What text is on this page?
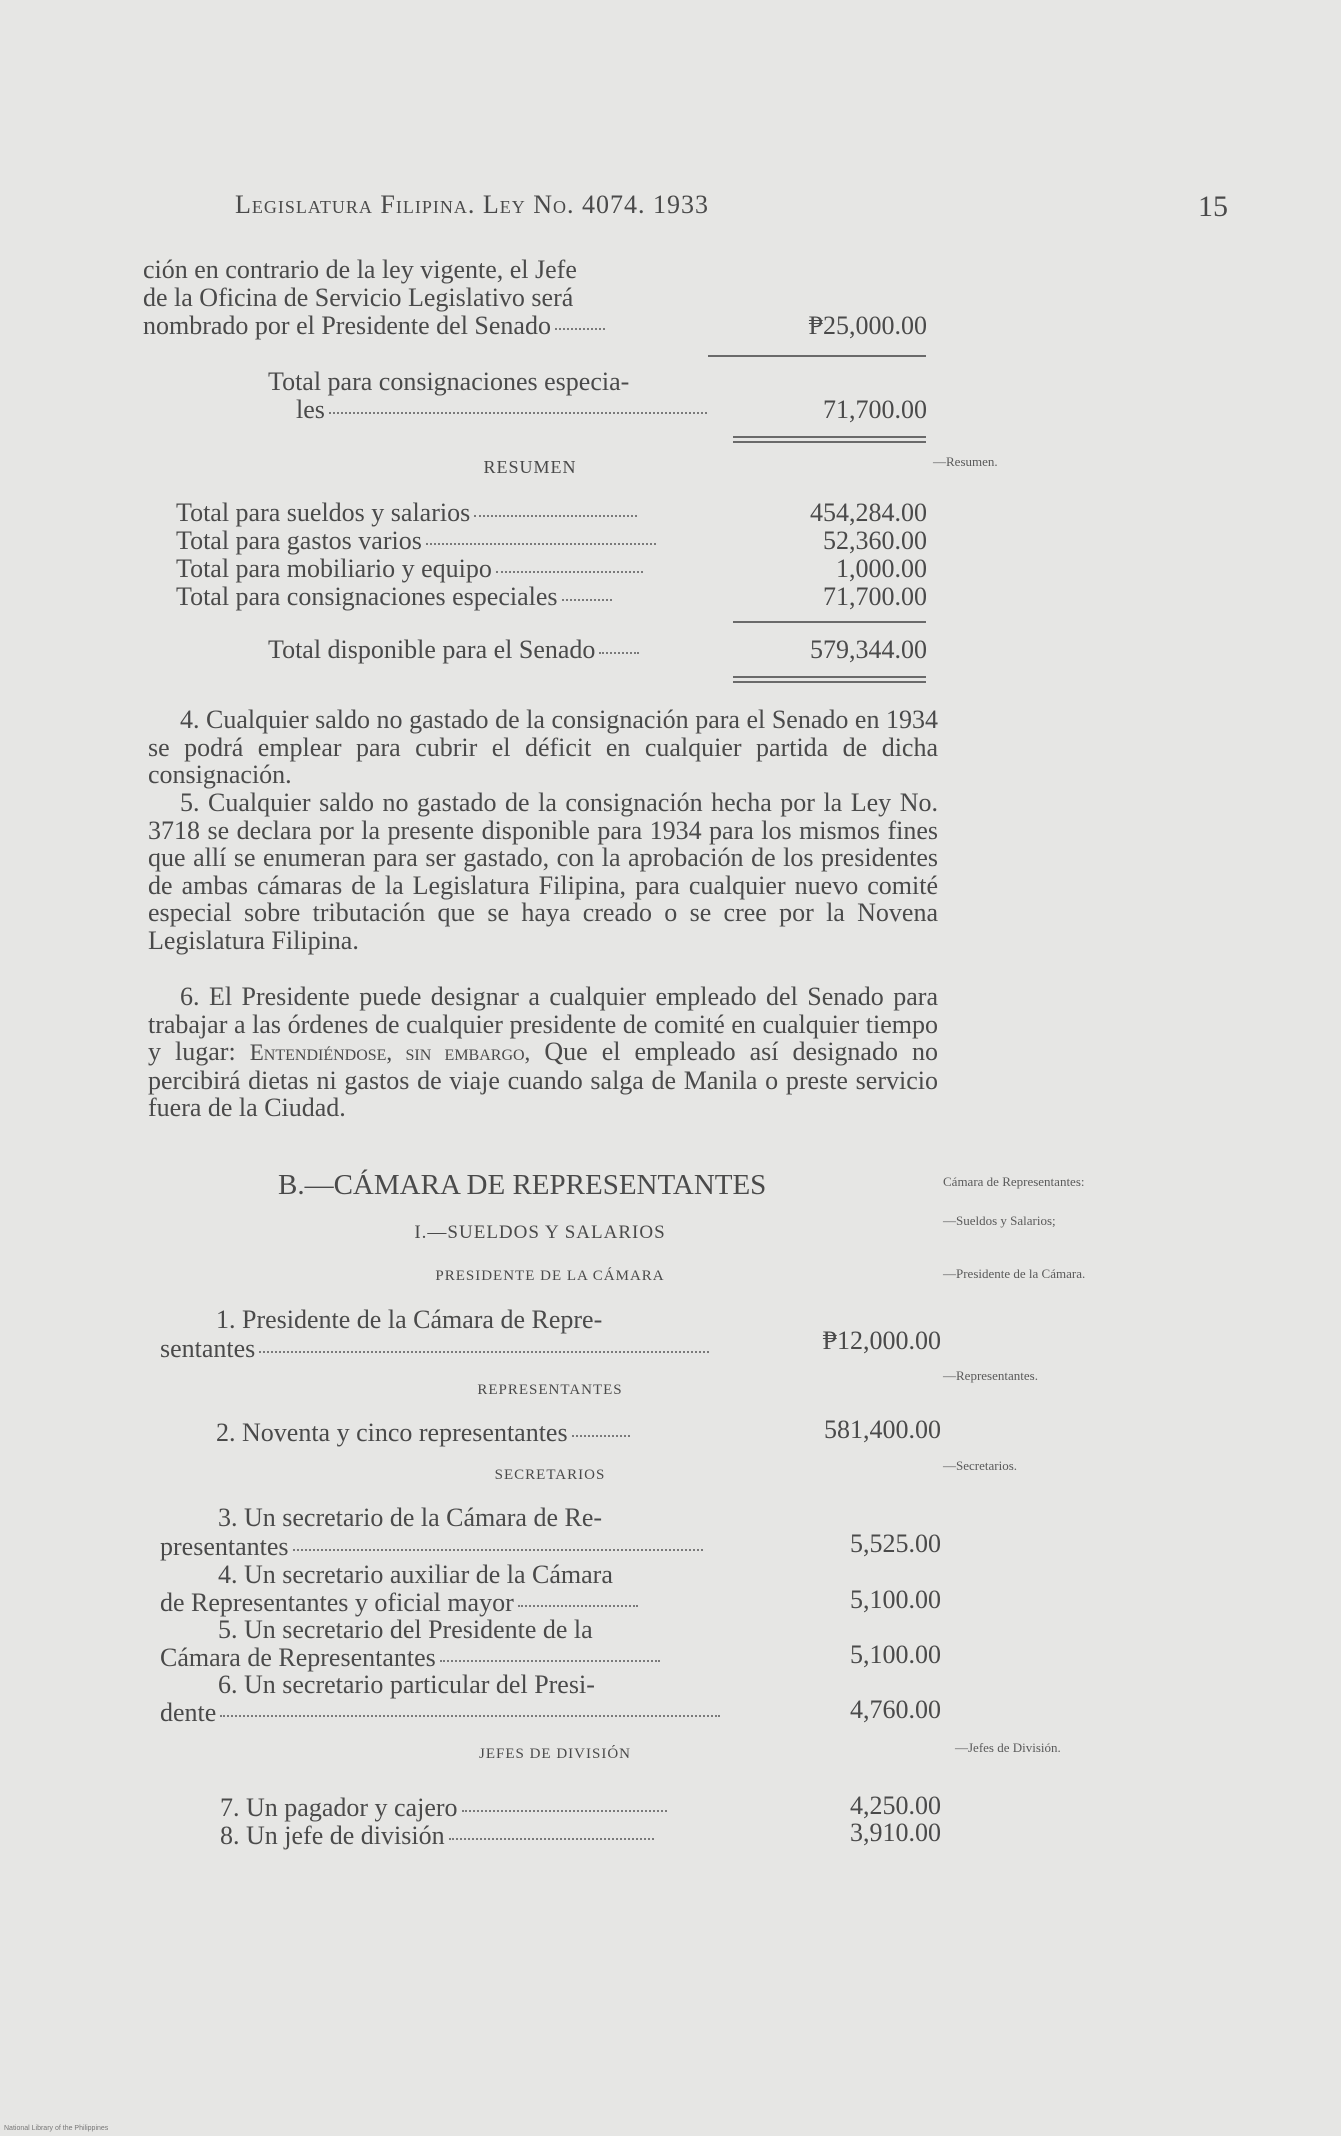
Legislatura Filipina. Ley No. 4074. 1933	15
ción en contrario de la ley vigente, el Jefe
de la Oficina de Servicio Legislativo será
nombrado por el Presidente del Senado	₱25,000.00
Total para consignaciones especia-
les	71,700.00
RESUMEN	—Resumen.
Total para sueldos y salarios	454,284.00
Total para gastos varios	52,360.00
Total para mobiliario y equipo	1,000.00
Total para consignaciones especiales	71,700.00
Total disponible para el Senado	579,344.00
4. Cualquier saldo no gastado de la consignación para el Senado en 1934 se podrá emplear para cubrir el déficit en cualquier partida de dicha consignación.
5. Cualquier saldo no gastado de la consignación hecha por la Ley No. 3718 se declara por la presente disponible para 1934 para los mismos fines que allí se enumeran para ser gastado, con la aprobación de los presidentes de ambas cámaras de la Legislatura Filipina, para cualquier nuevo comité especial sobre tributación que se haya creado o se cree por la Novena Legislatura Filipina.
6. El Presidente puede designar a cualquier empleado del Senado para trabajar a las órdenes de cualquier presidente de comité en cualquier tiempo y lugar: Entendiéndose, sin embargo, Que el empleado así designado no percibirá dietas ni gastos de viaje cuando salga de Manila o preste servicio fuera de la Ciudad.
B.—CÁMARA DE REPRESENTANTES	Cámara de Representantes:
—Sueldos y Salarios;
I.—SUELDOS Y SALARIOS
PRESIDENTE DE LA CÁMARA	—Presidente de la Cámara.
1. Presidente de la Cámara de Repre-
sentantes	₱12,000.00
—Representantes.
REPRESENTANTES
2. Noventa y cinco representantes	581,400.00
—Secretarios.
SECRETARIOS
3. Un secretario de la Cámara de Re-
presentantes	5,525.00
4. Un secretario auxiliar de la Cámara
de Representantes y oficial mayor	5,100.00
5. Un secretario del Presidente de la
Cámara de Representantes	5,100.00
6. Un secretario particular del Presi-
dente	4,760.00
JEFES DE DIVISIÓN	—Jefes de División.
7. Un pagador y cajero	4,250.00
8. Un jefe de división	3,910.00
National Library of the Philippines
